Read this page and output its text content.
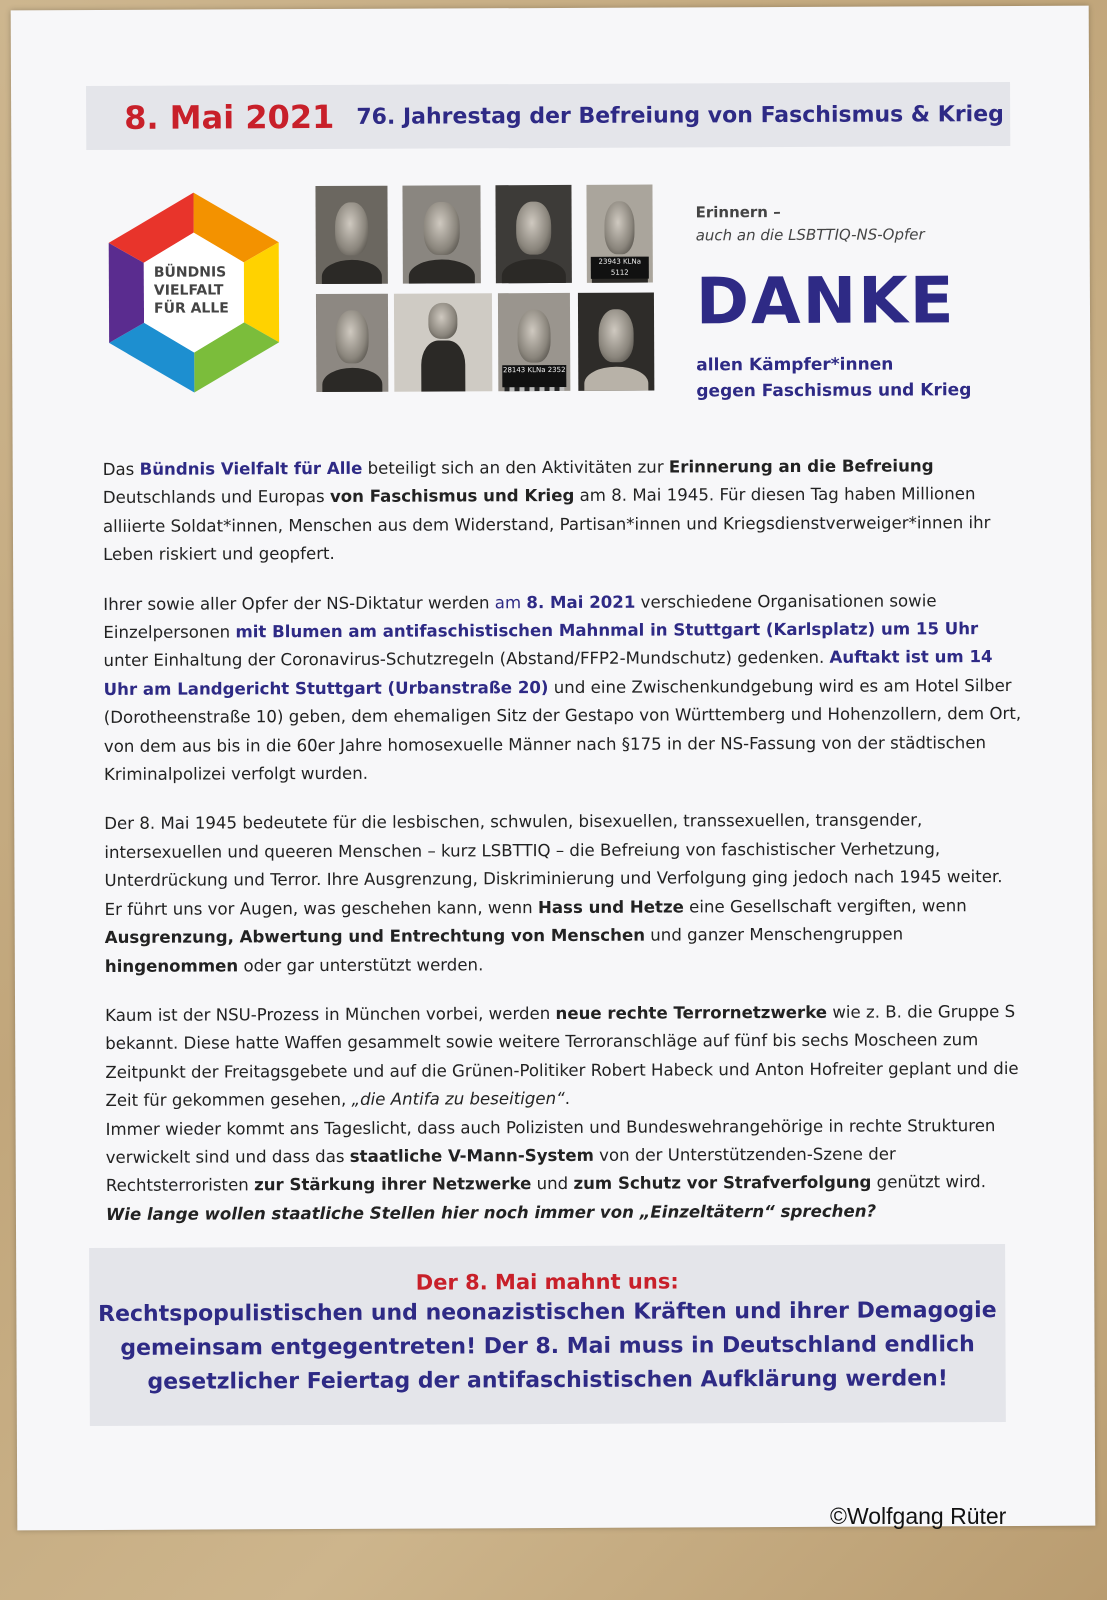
8. Mai 2021 76. Jahrestag der Befreiung von Faschismus & Krieg
BÜNDNIS
VIELFALT
FÜR ALLE
23943 KLNa 5112
28143 KLNa 2352
Erinnern –
auch an die LSBTTIQ-NS-Opfer
DANKE
allen Kämpfer*innen
gegen Faschismus und Krieg

Das Bündnis Vielfalt für Alle beteiligt sich an den Aktivitäten zur Erinnerung an die Befreiung Deutschlands und Europas von Faschismus und Krieg am 8. Mai 1945. Für diesen Tag haben Millionen alliierte Soldat*innen, Menschen aus dem Widerstand, Partisan*innen und Kriegsdienstverweiger*innen ihr Leben riskiert und geopfert.

Ihrer sowie aller Opfer der NS-Diktatur werden am 8. Mai 2021 verschiedene Organisationen sowie Einzelpersonen mit Blumen am antifaschistischen Mahnmal in Stuttgart (Karlsplatz) um 15 Uhr unter Einhaltung der Coronavirus-Schutzregeln (Abstand/FFP2-Mundschutz) gedenken. Auftakt ist um 14 Uhr am Landgericht Stuttgart (Urbanstraße 20) und eine Zwischenkundgebung wird es am Hotel Silber (Dorotheenstraße 10) geben, dem ehemaligen Sitz der Gestapo von Württemberg und Hohenzollern, dem Ort, von dem aus bis in die 60er Jahre homosexuelle Männer nach §175 in der NS-Fassung von der städtischen Kriminalpolizei verfolgt wurden.

Der 8. Mai 1945 bedeutete für die lesbischen, schwulen, bisexuellen, transsexuellen, transgender, intersexuellen und queeren Menschen – kurz LSBTTIQ – die Befreiung von faschistischer Verhetzung, Unterdrückung und Terror. Ihre Ausgrenzung, Diskriminierung und Verfolgung ging jedoch nach 1945 weiter. Er führt uns vor Augen, was geschehen kann, wenn Hass und Hetze eine Gesellschaft vergiften, wenn Ausgrenzung, Abwertung und Entrechtung von Menschen und ganzer Menschengruppen hingenommen oder gar unterstützt werden.

Kaum ist der NSU-Prozess in München vorbei, werden neue rechte Terrornetzwerke wie z. B. die Gruppe S bekannt. Diese hatte Waffen gesammelt sowie weitere Terroranschläge auf fünf bis sechs Moscheen zum Zeitpunkt der Freitagsgebete und auf die Grünen-Politiker Robert Habeck und Anton Hofreiter geplant und die Zeit für gekommen gesehen, „die Antifa zu beseitigen“.
Immer wieder kommt ans Tageslicht, dass auch Polizisten und Bundeswehrangehörige in rechte Strukturen verwickelt sind und dass das staatliche V-Mann-System von der Unterstützenden-Szene der Rechtsterroristen zur Stärkung ihrer Netzwerke und zum Schutz vor Strafverfolgung genützt wird.
Wie lange wollen staatliche Stellen hier noch immer von „Einzeltätern“ sprechen?

Der 8. Mai mahnt uns:
Rechtspopulistischen und neonazistischen Kräften und ihrer Demagogie
gemeinsam entgegentreten! Der 8. Mai muss in Deutschland endlich
gesetzlicher Feiertag der antifaschistischen Aufklärung werden!
©Wolfgang Rüter
